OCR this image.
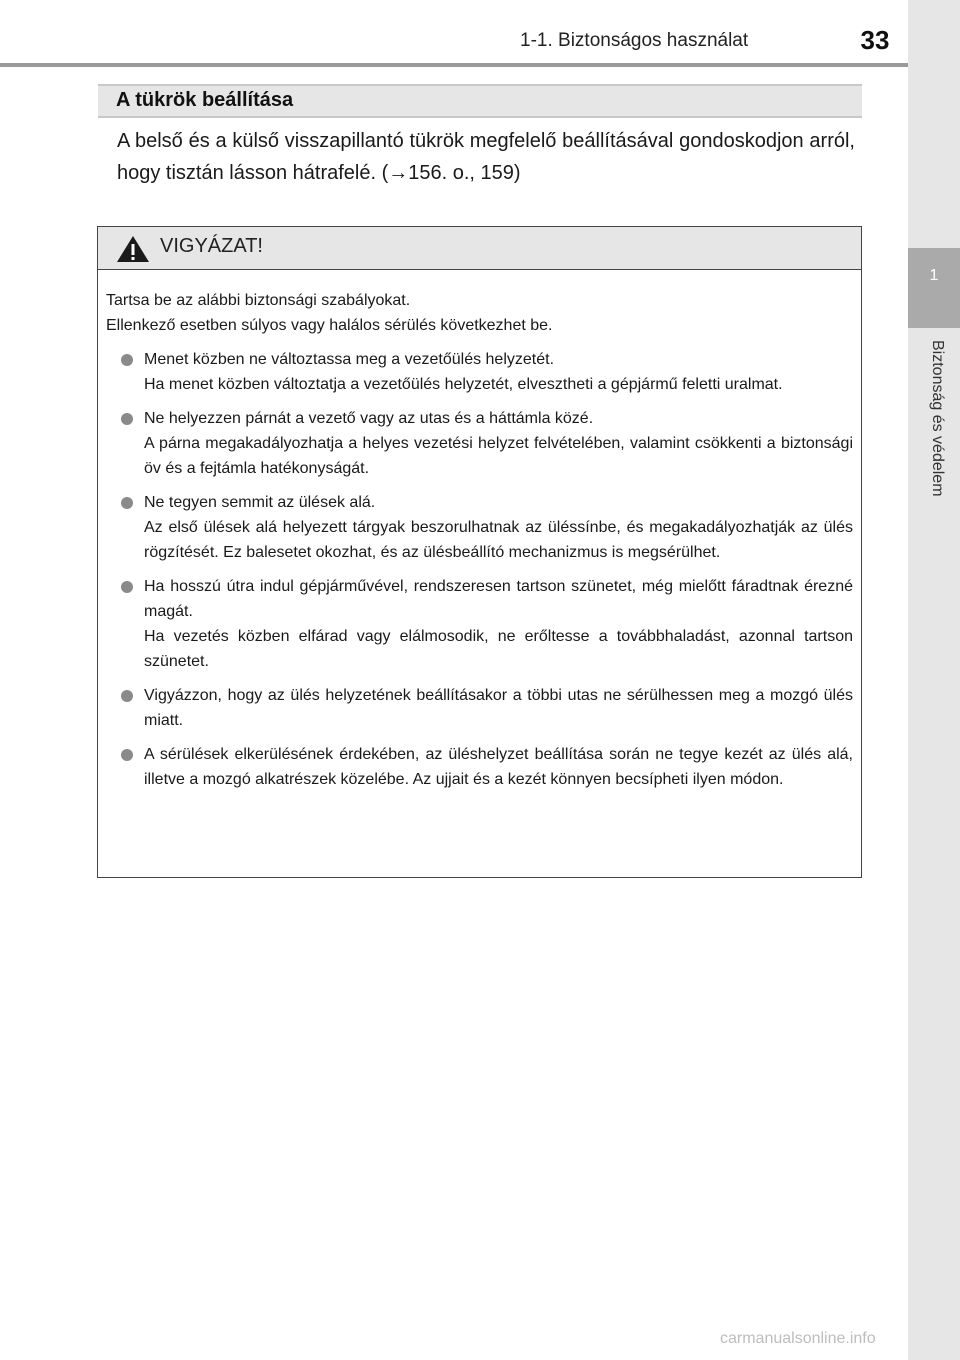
1-1. Biztonságos használat	33
1
Biztonság és védelem
A tükrök beállítása
A belső és a külső visszapillantó tükrök megfelelő beállításával gondoskodjon arról, hogy tisztán lásson hátrafelé. (→156. o., 159)
VIGYÁZAT!

Tartsa be az alábbi biztonsági szabályokat.

Ellenkező esetben súlyos vagy halálos sérülés következhet be.

Menet közben ne változtassa meg a vezetőülés helyzetét.

Ha menet közben változtatja a vezetőülés helyzetét, elvesztheti a gépjármű feletti uralmat.

Ne helyezzen párnát a vezető vagy az utas és a háttámla közé.

A párna megakadályozhatja a helyes vezetési helyzet felvételében, valamint csökkenti a biztonsági öv és a fejtámla hatékonyságát.

Ne tegyen semmit az ülések alá.

Az első ülések alá helyezett tárgyak beszorulhatnak az üléssínbe, és megakadályozhatják az ülés rögzítését. Ez balesetet okozhat, és az ülésbeállító mechanizmus is megsérülhet.

Ha hosszú útra indul gépjárművével, rendszeresen tartson szünetet, még mielőtt fáradtnak érezné magát.

Ha vezetés közben elfárad vagy elálmosodik, ne erőltesse a továbbhaladást, azonnal tartson szünetet.

Vigyázzon, hogy az ülés helyzetének beállításakor a többi utas ne sérülhessen meg a mozgó ülés miatt.

A sérülések elkerülésének érdekében, az üléshelyzet beállítása során ne tegye kezét az ülés alá, illetve a mozgó alkatrészek közelébe. Az ujjait és a kezét könnyen becsípheti ilyen módon.

carmanualsonline.info
